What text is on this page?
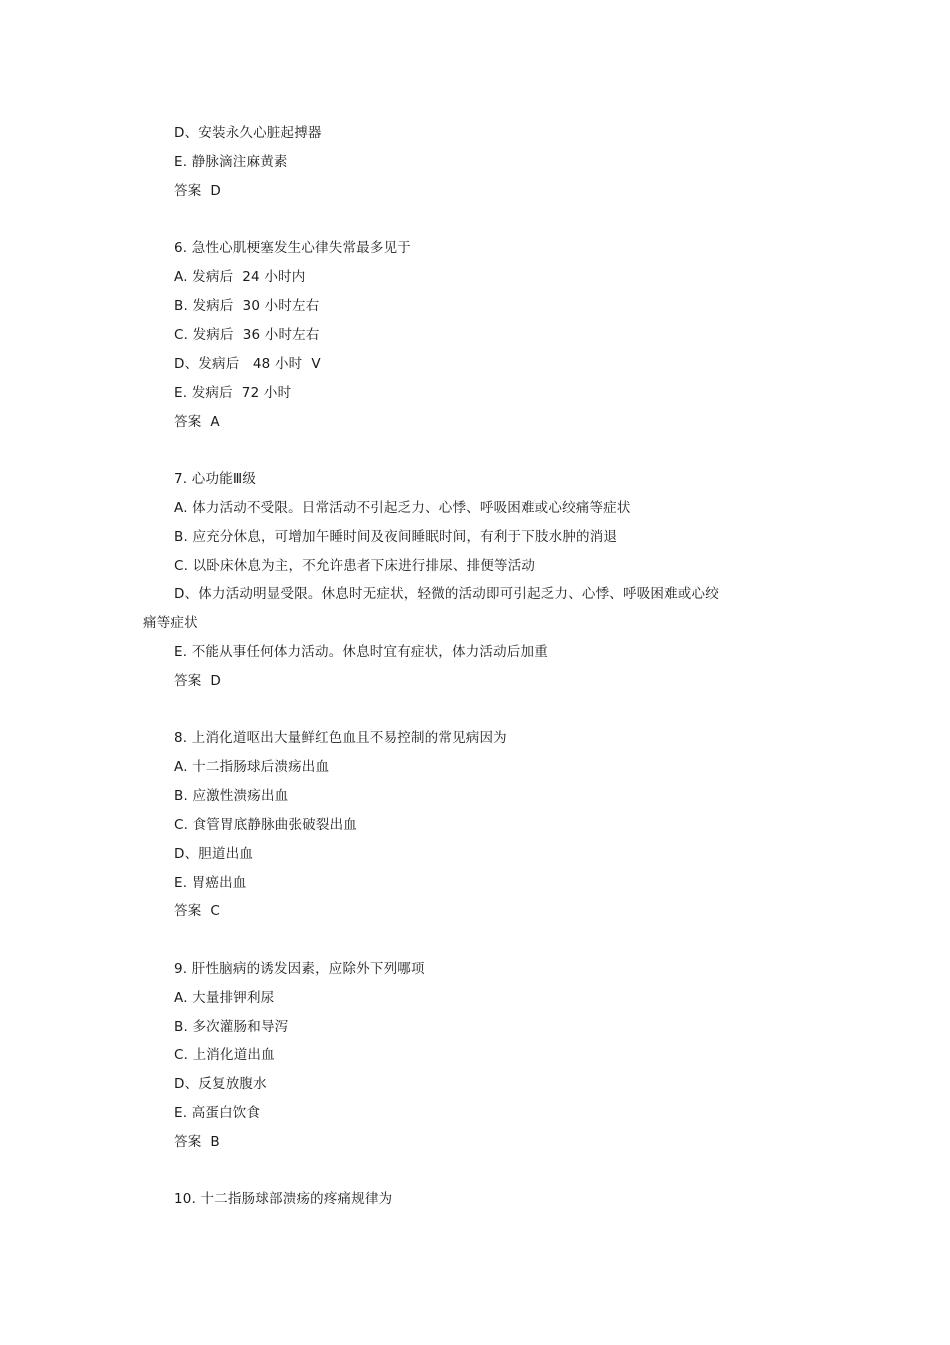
D、安装永久心脏起搏器
E. 静脉滴注麻黄素
答案  D
6. 急性心肌梗塞发生心律失常最多见于
A. 发病后  24 小时内
B. 发病后  30 小时左右
C. 发病后  36 小时左右
D、发病后   48 小时  V
E. 发病后  72 小时
答案  A
7. 心功能Ⅲ级
A. 体力活动不受限。日常活动不引起乏力、心悸、呼吸困难或心绞痛等症状
B. 应充分休息，可增加午睡时间及夜间睡眠时间，有利于下肢水肿的消退
C. 以卧床休息为主，不允许患者下床进行排尿、排便等活动
D、体力活动明显受限。休息时无症状，轻微的活动即可引起乏力、心悸、呼吸困难或心绞
痛等症状
E. 不能从事任何体力活动。休息时宜有症状，体力活动后加重
答案  D
8. 上消化道呕出大量鲜红色血且不易控制的常见病因为
A. 十二指肠球后溃疡出血
B. 应激性溃疡出血
C. 食管胃底静脉曲张破裂出血
D、胆道出血
E. 胃癌出血
答案  C
9. 肝性脑病的诱发因素，应除外下列哪项
A. 大量排钾利尿
B. 多次灌肠和导泻
C. 上消化道出血
D、反复放腹水
E. 高蛋白饮食
答案  B
10. 十二指肠球部溃疡的疼痛规律为
